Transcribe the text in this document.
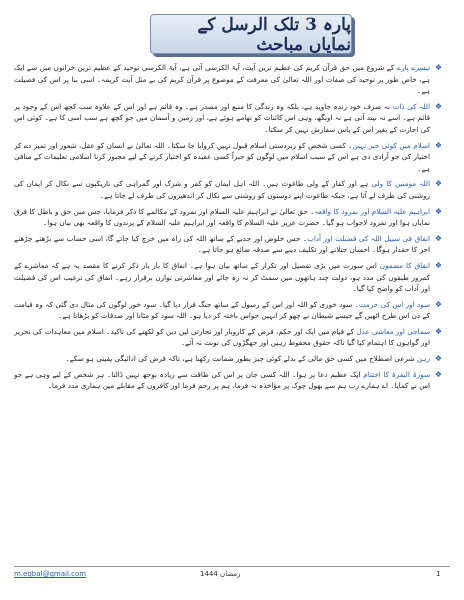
پارہ 3 تلک الرسل کے نمایاں مباحث
❖
تیسرے پارے کے شروع میں حق قرآن کریم کی عظیم ترین آیت، آیۃ الکرسی آئی ہے، آیۃ الکرسی توحید کے عظیم ترین خزانوں میں سے ایک ہے، خاص طور پر توحید کی صفات اور اللہ تعالیٰ کی معرفت کے موضوع پر قرآن کریم کی بے مثل آیت کریمہ۔ اسی بنا پر اس کی فضیلت ہے۔
❖
اللہ کی ذات نہ صرف خود زندہ جاوید ہے، بلکہ وہ زندگی کا منبع اور مصدر ہے۔ وہ قائم ہے اور اس کے علاوہ سب کچھ اس کے وجود پر قائم ہے۔ اسے نہ نیند آتی ہے نہ اونگھ، وہی اس کائنات کو تھامے ہوئے ہے، اور زمین و آسمان میں جو کچھ ہے سب اسی کا ہے۔ کوئی اس کی اجازت کے بغیر اس کے پاس سفارش نہیں کر سکتا۔
❖
اسلام میں کوئی جبر نہیں۔ کسی شخص کو زبردستی اسلام قبول نہیں کروایا جا سکتا۔ اللہ تعالیٰ نے انسان کو عقل، شعور اور تمیز دے کر اختیار کی جو آزادی دی ہے اس کے سبب اسلام میں لوگوں کو جبراً کسی عقیدہ کو اختیار کرنے کے لیے مجبور کرنا اسلامی تعلیمات کے منافی ہے۔
❖
اللہ مومنین کا ولی ہے اور کفار کے ولی طاغوت ہیں۔ اللہ اہل ایمان کو کفر و شرک اور گمراہی کی تاریکیوں سے نکال کر ایمان کی روشنی کی طرف لے آتا ہے، جبکہ طاغوت اپنے دوستوں کو روشنی سے نکال کر اندھیروں کی طرف لے جاتا ہے۔
❖
ابراہیم علیہ السلام اور نمرود کا واقعہ۔ حق تعالیٰ نے ابراہیم علیہ السلام اور نمرود کے مکالمے کا ذکر فرمایا، جس میں حق و باطل کا فرق نمایاں ہوا اور نمرود لاجواب ہو گیا۔ حضرت عزیر علیہ السلام کا واقعہ اور ابراہیم علیہ السلام کے پرندوں کا واقعہ بھی بیان ہوا۔
❖
انفاق فی سبیل اللہ کی فضیلت اور آداب۔ جس خلوص اور جذبے کے ساتھ اللہ کی راہ میں خرچ کیا جائے گا، اسی حساب سے بڑھتے چڑھتے اجر کا حقدار ہوگا۔ احسان جتلانے اور تکلیف دینے سے صدقہ ضائع ہو جاتا ہے۔
❖
انفاق کا مضمون اس سورت میں بڑی تفصیل اور تکرار کے ساتھ بیان ہوا ہے۔ انفاق کا بار بار ذکر کرنے کا مقصد یہ ہے کہ معاشرے کے کمزور طبقوں کی مدد ہو، دولت چند ہاتھوں میں سمٹ کر نہ رہ جائے اور معاشرتی توازن برقرار رہے۔ انفاق کی ترغیب اس کی فضیلت اور آداب کو واضح کیا گیا۔
❖
سود اور اس کی حرمت۔ سود خوری کو اللہ اور اس کے رسول کے ساتھ جنگ قرار دیا گیا۔ سود خور لوگوں کی مثال دی گئی کہ وہ قیامت کے دن اس طرح اٹھیں گے جیسے شیطان نے چھو کر انہیں حواس باختہ کر دیا ہو۔ اللہ سود کو مٹاتا اور صدقات کو بڑھاتا ہے۔
❖
سماجی اور معاشی عدل کے قیام میں ایک اور حکم، قرض کے کاروبار اور تجارتی لین دین کو لکھنے کی تاکید۔ اسلام میں معاہدات کی تحریر اور گواہوں کا اہتمام کیا گیا تاکہ حقوق محفوظ رہیں اور جھگڑوں کی نوبت نہ آئے۔
❖
رہن شرعی اصطلاح میں کسی حق مالی کے بدلے کوئی چیز بطور ضمانت رکھنا ہے، تاکہ قرض کی ادائیگی یقینی ہو سکے۔
❖
سورۃ البقرۃ کا اختتام ایک عظیم دعا پر ہوا۔ اللہ کسی جان پر اس کی طاقت سے زیادہ بوجھ نہیں ڈالتا۔ ہر شخص کے لیے وہی ہے جو اس نے کمایا۔ اے ہمارے رب ہم سے بھول چوک پر مؤاخذہ نہ فرما، ہم پر رحم فرما اور کافروں کے مقابلے میں ہماری مدد فرما۔
m.eqbal@gmail.com	رمضان 1444	1
